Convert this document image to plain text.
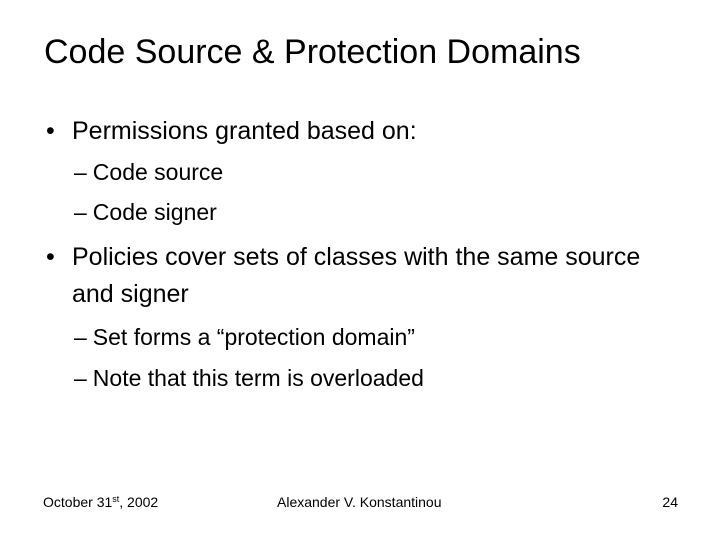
Code Source & Protection Domains
• Permissions granted based on:
– Code source
– Code signer
• Policies cover sets of classes with the same source and signer
– Set forms a “protection domain”
– Note that this term is overloaded
October 31st, 2002	Alexander V. Konstantinou	24
